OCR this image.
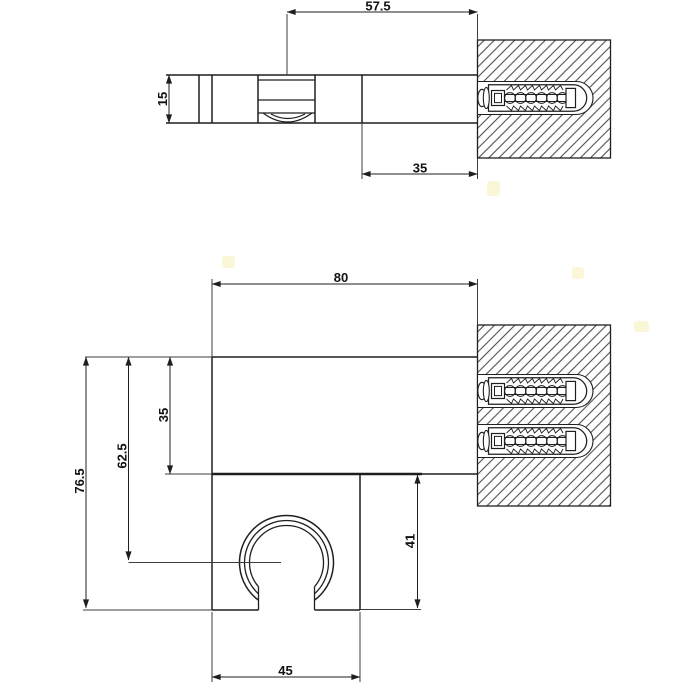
57.5
15
35
80
35
62.5
76.5
41
45
